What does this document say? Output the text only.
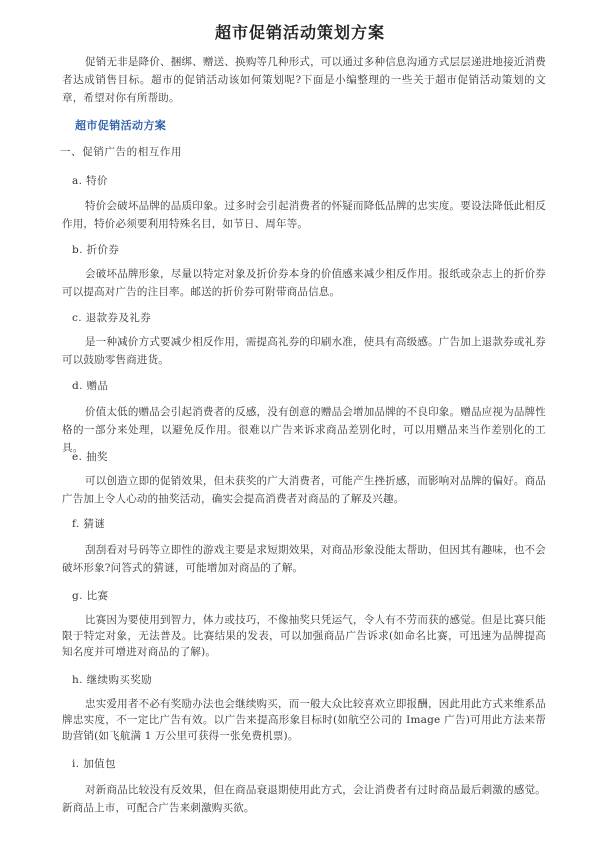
超市促销活动策划方案

促销无非是降价、捆绑、赠送、换购等几种形式，可以通过多种信息沟通方式层层递进地接近消费者达成销售目标。超市的促销活动该如何策划呢?下面是小编整理的一些关于超市促销活动策划的文章，希望对你有所帮助。

超市促销活动方案
一、促销广告的相互作用
a. 特价

特价会破坏品牌的品质印象。过多时会引起消费者的怀疑而降低品牌的忠实度。要设法降低此相反作用，特价必须要利用特殊名目，如节日、周年等。

b. 折价券

会破坏品牌形象，尽量以特定对象及折价券本身的价值感来减少相反作用。报纸或杂志上的折价券可以提高对广告的注目率。邮送的折价券可附带商品信息。

c. 退款券及礼券

是一种减价方式要减少相反作用，需提高礼券的印刷水准，使具有高级感。广告加上退款券或礼券可以鼓励零售商进货。

d. 赠品

价值太低的赠品会引起消费者的反感，没有创意的赠品会增加品牌的不良印象。赠品应视为品牌性格的一部分来处理，以避免反作用。很难以广告来诉求商品差别化时，可以用赠品来当作差别化的工具。

e. 抽奖

可以创造立即的促销效果，但未获奖的广大消费者，可能产生挫折感，而影响对品牌的偏好。商品广告加上令人心动的抽奖活动，确实会提高消费者对商品的了解及兴趣。

f. 猜谜

刮刮看对号码等立即性的游戏主要是求短期效果，对商品形象没能太帮助，但因其有趣味，也不会破坏形象?问答式的猜谜，可能增加对商品的了解。

g. 比赛

比赛因为要使用到智力，体力或技巧，不像抽奖只凭运气，令人有不劳而获的感觉。但是比赛只能限于特定对象，无法普及。比赛结果的发表，可以加强商品广告诉求(如命名比赛，可迅速为品牌提高知名度并可增进对商品的了解)。

h. 继续购买奖励

忠实爱用者不必有奖励办法也会继续购买，而一般大众比较喜欢立即报酬，因此用此方式来维系品牌忠实度，不一定比广告有效。以广告来提高形象目标时(如航空公司的 Image 广告)可用此方法来帮助营销(如飞航满 1 万公里可获得一张免费机票)。

i. 加值包

对新商品比较没有反效果，但在商品衰退期使用此方式，会让消费者有过时商品最后刺激的感觉。新商品上市，可配合广告来刺激购买欲。
